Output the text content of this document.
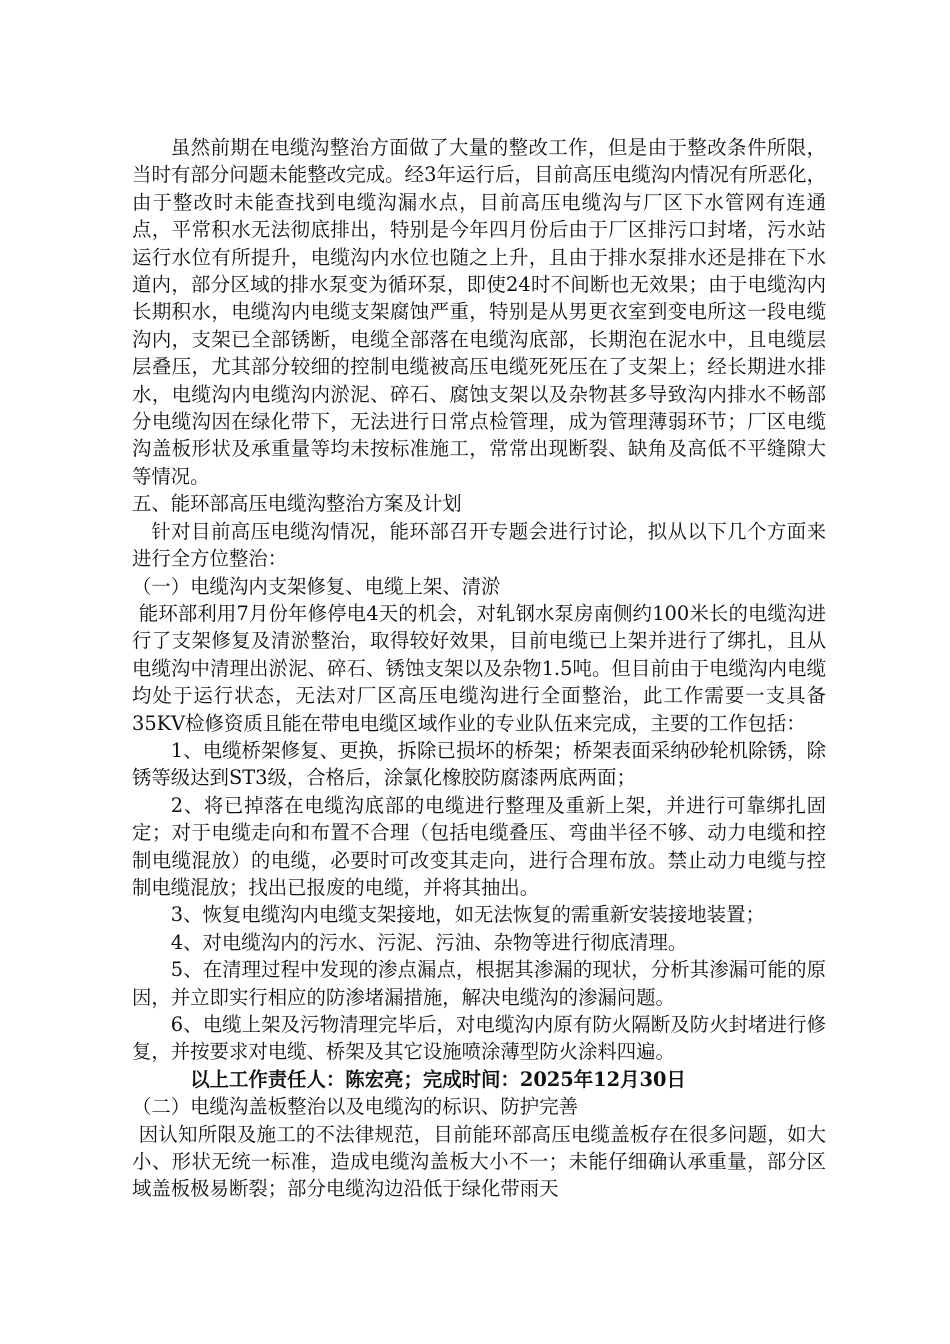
虽然前期在电缆沟整治方面做了大量的整改工作，但是由于整改条件所限，当时有部分问题未能整改完成。经3年运行后，目前高压电缆沟内情况有所恶化，由于整改时未能查找到电缆沟漏水点，目前高压电缆沟与厂区下水管网有连通点，平常积水无法彻底排出，特别是今年四月份后由于厂区排污口封堵，污水站运行水位有所提升，电缆沟内水位也随之上升，且由于排水泵排水还是排在下水道内，部分区域的排水泵变为循环泵，即使24时不间断也无效果；由于电缆沟内长期积水，电缆沟内电缆支架腐蚀严重，特别是从男更衣室到变电所这一段电缆沟内，支架已全部锈断，电缆全部落在电缆沟底部，长期泡在泥水中，且电缆层层叠压，尤其部分较细的控制电缆被高压电缆死死压在了支架上；经长期进水排水，电缆沟内电缆沟内淤泥、碎石、腐蚀支架以及杂物甚多导致沟内排水不畅部分电缆沟因在绿化带下，无法进行日常点检管理，成为管理薄弱环节；厂区电缆沟盖板形状及承重量等均未按标准施工，常常出现断裂、缺角及高低不平缝隙大等情况。

五、能环部高压电缆沟整治方案及计划

针对目前高压电缆沟情况，能环部召开专题会进行讨论，拟从以下几个方面来进行全方位整治：

（一）电缆沟内支架修复、电缆上架、清淤

能环部利用7月份年修停电4天的机会，对轧钢水泵房南侧约100米长的电缆沟进行了支架修复及清淤整治，取得较好效果，目前电缆已上架并进行了绑扎，且从电缆沟中清理出淤泥、碎石、锈蚀支架以及杂物1.5吨。但目前由于电缆沟内电缆均处于运行状态，无法对厂区高压电缆沟进行全面整治，此工作需要一支具备35KV检修资质且能在带电电缆区域作业的专业队伍来完成，主要的工作包括：

1、电缆桥架修复、更换，拆除已损坏的桥架；桥架表面采纳砂轮机除锈，除锈等级达到ST3级，合格后，涂氯化橡胶防腐漆两底两面；

2、将已掉落在电缆沟底部的电缆进行整理及重新上架，并进行可靠绑扎固定；对于电缆走向和布置不合理（包括电缆叠压、弯曲半径不够、动力电缆和控制电缆混放）的电缆，必要时可改变其走向，进行合理布放。禁止动力电缆与控制电缆混放；找出已报废的电缆，并将其抽出。

3、恢复电缆沟内电缆支架接地，如无法恢复的需重新安装接地装置；

4、对电缆沟内的污水、污泥、污油、杂物等进行彻底清理。

5、在清理过程中发现的渗点漏点，根据其渗漏的现状，分析其渗漏可能的原因，并立即实行相应的防渗堵漏措施，解决电缆沟的渗漏问题。

6、电缆上架及污物清理完毕后，对电缆沟内原有防火隔断及防火封堵进行修复，并按要求对电缆、桥架及其它设施喷涂薄型防火涂料四遍。

以上工作责任人：陈宏亮；完成时间：2025年12月30日

（二）电缆沟盖板整治以及电缆沟的标识、防护完善

因认知所限及施工的不法律规范，目前能环部高压电缆盖板存在很多问题，如大小、形状无统一标准，造成电缆沟盖板大小不一；未能仔细确认承重量，部分区域盖板极易断裂；部分电缆沟边沿低于绿化带雨天
